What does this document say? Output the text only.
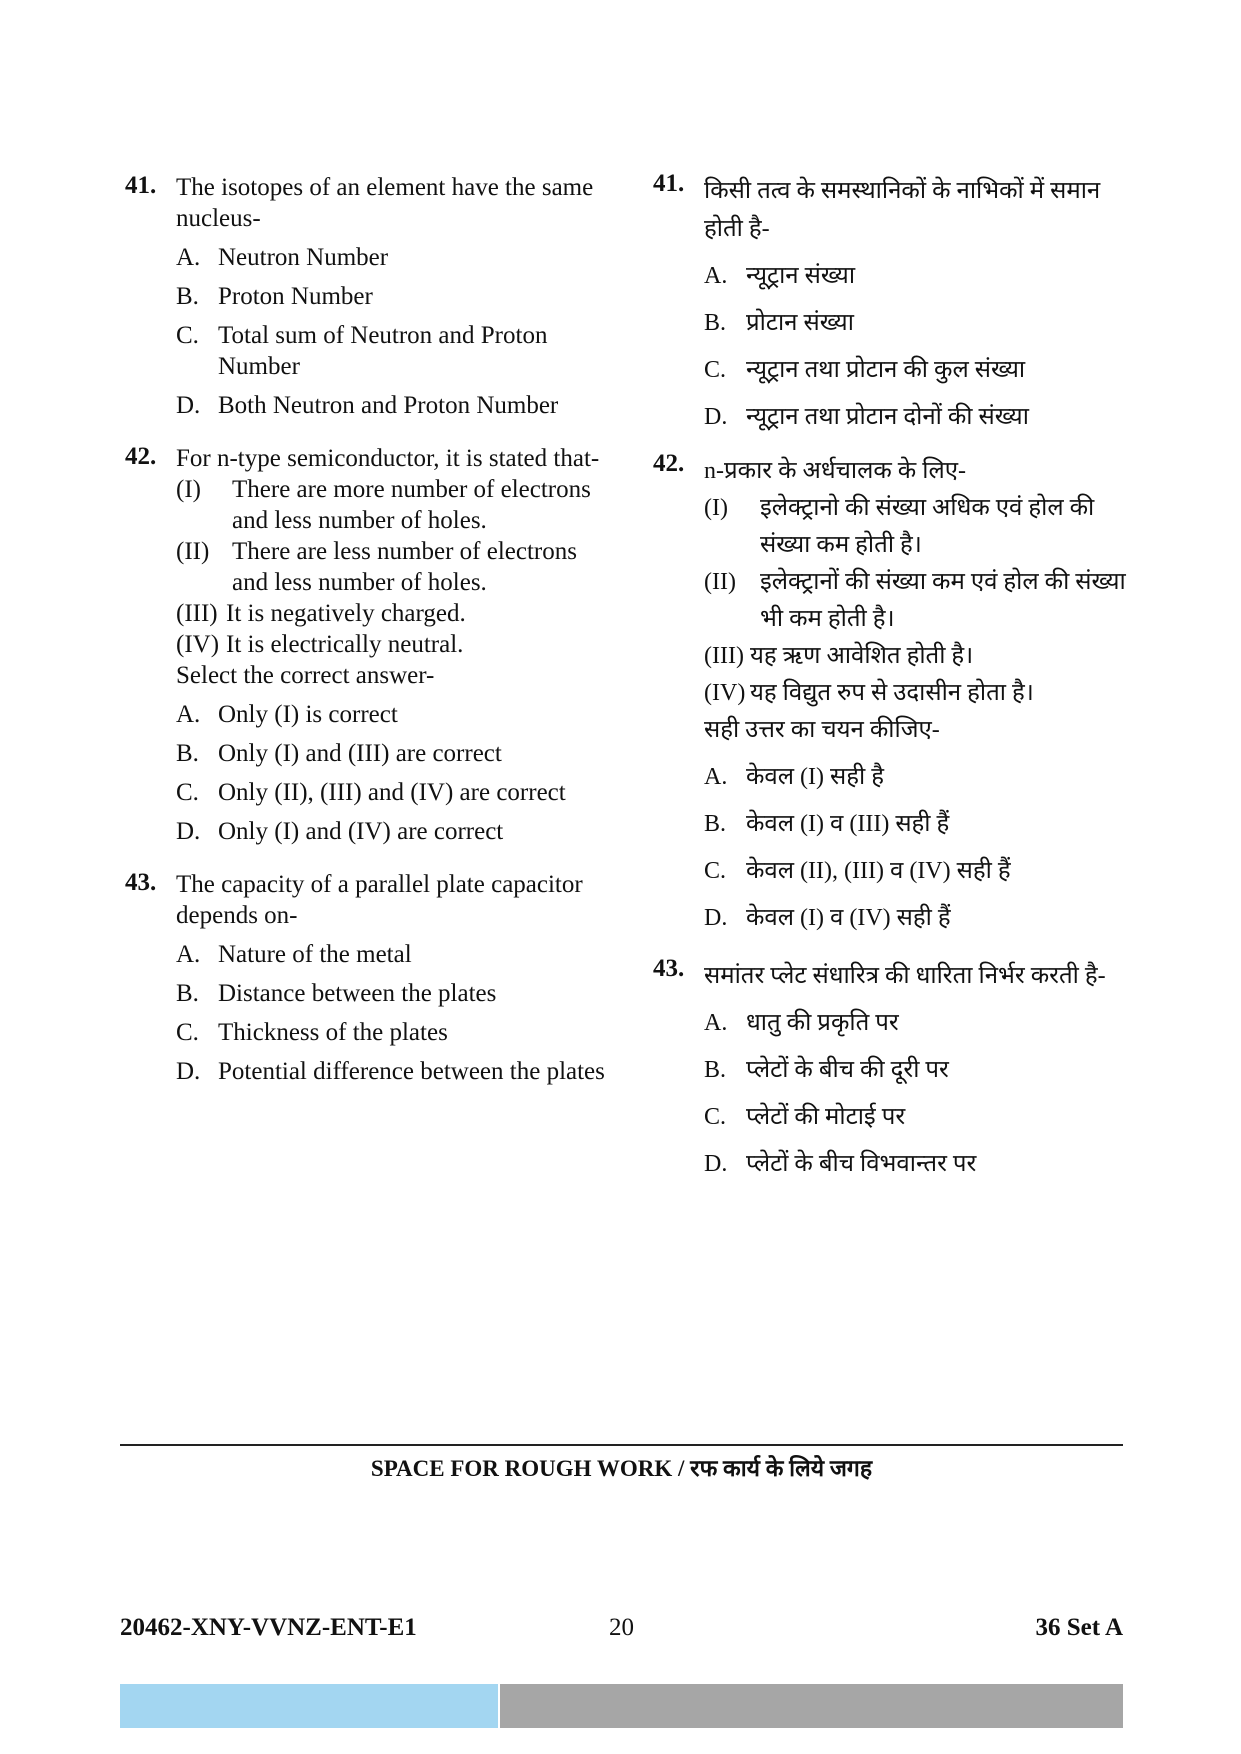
41. The isotopes of an element have the same nucleus-

A. Neutron Number
B. Proton Number
C. Total sum of Neutron and Proton Number
D. Both Neutron and Proton Number
42. For n-type semiconductor, it is stated that-

(I) There are more number of electrons and less number of holes.
(II) There are less number of electrons and less number of holes.
(III) It is negatively charged.
(IV) It is electrically neutral.

Select the correct answer-

A. Only (I) is correct
B. Only (I) and (III) are correct
C. Only (II), (III) and (IV) are correct
D. Only (I) and (IV) are correct
43. The capacity of a parallel plate capacitor depends on-

A. Nature of the metal
B. Distance between the plates
C. Thickness of the plates
D. Potential difference between the plates
41. किसी तत्व के समस्थानिकों के नाभिकों में समान होती है-

A. न्यूट्रान संख्या
B. प्रोटान संख्या
C. न्यूट्रान तथा प्रोटान की कुल संख्या
D. न्यूट्रान तथा प्रोटान दोनों की संख्या
42. n-प्रकार के अर्धचालक के लिए-

(I) इलेक्ट्रानो की संख्या अधिक एवं होल की संख्या कम होती है।
(II) इलेक्ट्रानों की संख्या कम एवं होल की संख्या भी कम होती है।
(III) यह ऋण आवेशित होती है।
(IV) यह विद्युत रुप से उदासीन होता है।

सही उत्तर का चयन कीजिए-

A. केवल (I) सही है
B. केवल (I) व (III) सही हैं
C. केवल (II), (III) व (IV) सही हैं
D. केवल (I) व (IV) सही हैं
43. समांतर प्लेट संधारित्र की धारिता निर्भर करती है-

A. धातु की प्रकृति पर
B. प्लेटों के बीच की दूरी पर
C. प्लेटों की मोटाई पर
D. प्लेटों के बीच विभवान्तर पर
SPACE FOR ROUGH WORK / रफ कार्य के लिये जगह
20462-XNY-VVNZ-ENT-E1	20	36 Set A
